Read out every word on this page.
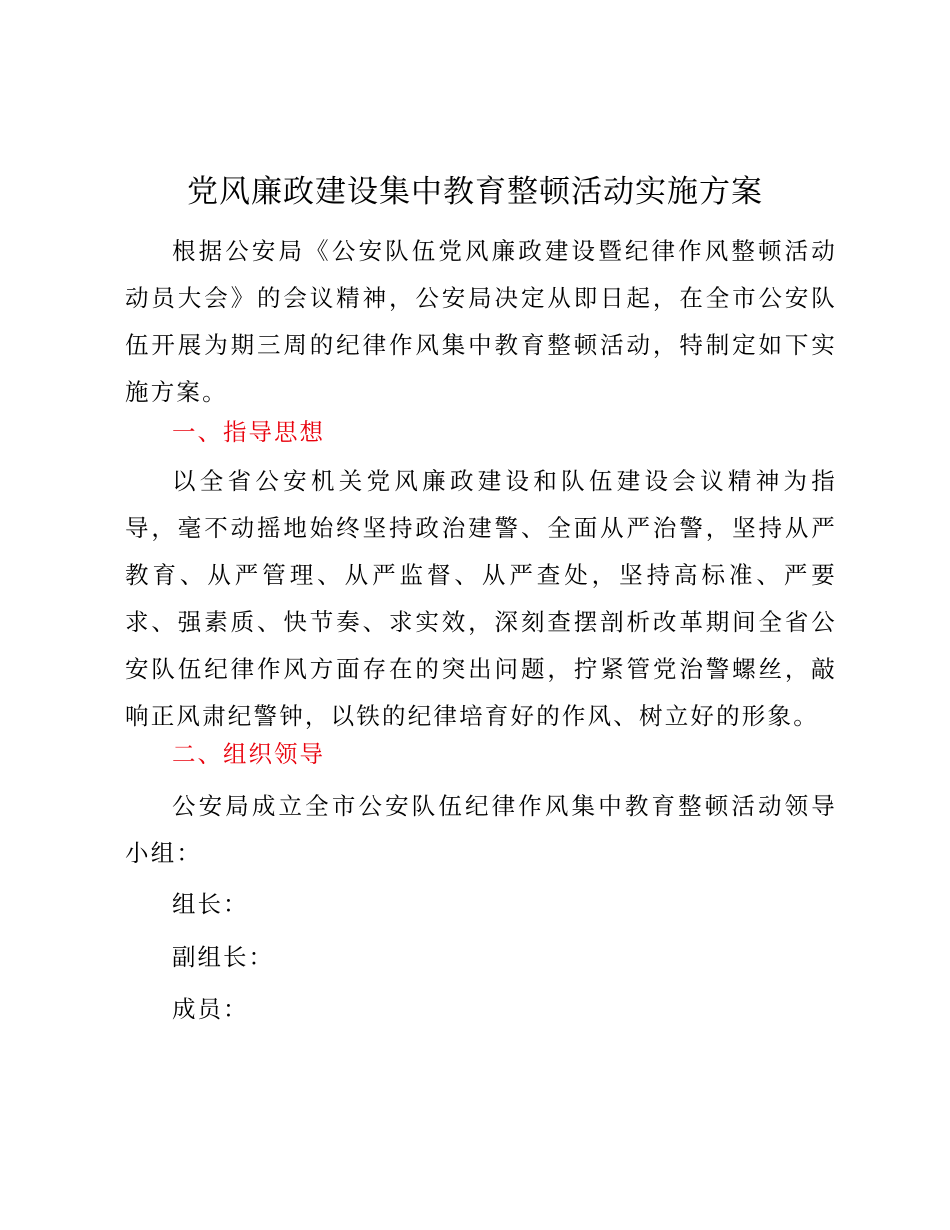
党风廉政建设集中教育整顿活动实施方案
根据公安局《公安队伍党风廉政建设暨纪律作风整顿活动动员大会》的会议精神，公安局决定从即日起，在全市公安队伍开展为期三周的纪律作风集中教育整顿活动，特制定如下实施方案。
一、指导思想
以全省公安机关党风廉政建设和队伍建设会议精神为指导，毫不动摇地始终坚持政治建警、全面从严治警，坚持从严教育、从严管理、从严监督、从严查处，坚持高标准、严要求、强素质、快节奏、求实效，深刻查摆剖析改革期间全省公安队伍纪律作风方面存在的突出问题，拧紧管党治警螺丝，敲响正风肃纪警钟，以铁的纪律培育好的作风、树立好的形象。
二、组织领导
公安局成立全市公安队伍纪律作风集中教育整顿活动领导小组：
组长：
副组长：
成员：
